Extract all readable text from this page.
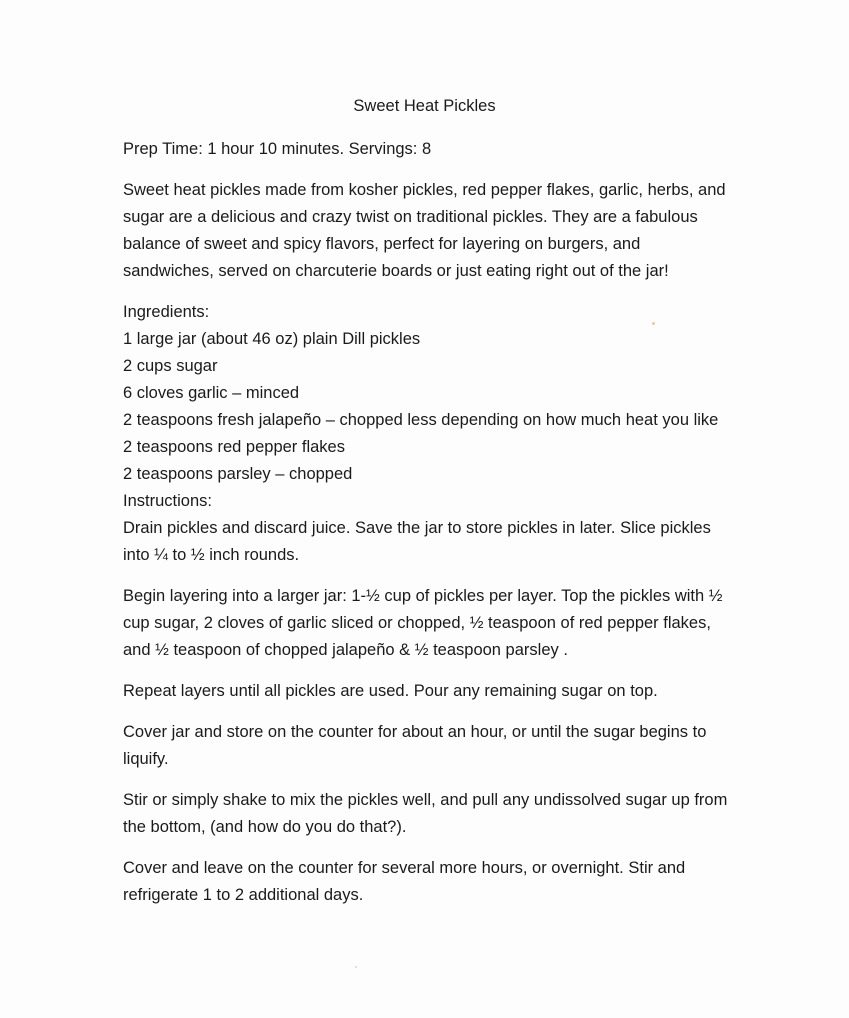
Sweet Heat Pickles

Prep Time: 1 hour 10 minutes. Servings: 8

Sweet heat pickles made from kosher pickles, red pepper flakes, garlic, herbs, and sugar are a delicious and crazy twist on traditional pickles. They are a fabulous balance of sweet and spicy flavors, perfect for layering on burgers, and sandwiches, served on charcuterie boards or just eating right out of the jar!

Ingredients:
1 large jar (about 46 oz) plain Dill pickles
2 cups sugar
6 cloves garlic – minced
2 teaspoons fresh jalapeño – chopped less depending on how much heat you like
2 teaspoons red pepper flakes
2 teaspoons parsley – chopped
Instructions:

Drain pickles and discard juice. Save the jar to store pickles in later. Slice pickles into ¼ to ½ inch rounds.

Begin layering into a larger jar: 1-½ cup of pickles per layer. Top the pickles with ½ cup sugar, 2 cloves of garlic sliced or chopped, ½ teaspoon of red pepper flakes, and ½ teaspoon of chopped jalapeño & ½ teaspoon parsley .

Repeat layers until all pickles are used. Pour any remaining sugar on top.

Cover jar and store on the counter for about an hour, or until the sugar begins to liquify.

Stir or simply shake to mix the pickles well, and pull any undissolved sugar up from the bottom, (and how do you do that?).

Cover and leave on the counter for several more hours, or overnight. Stir and refrigerate 1 to 2 additional days.
